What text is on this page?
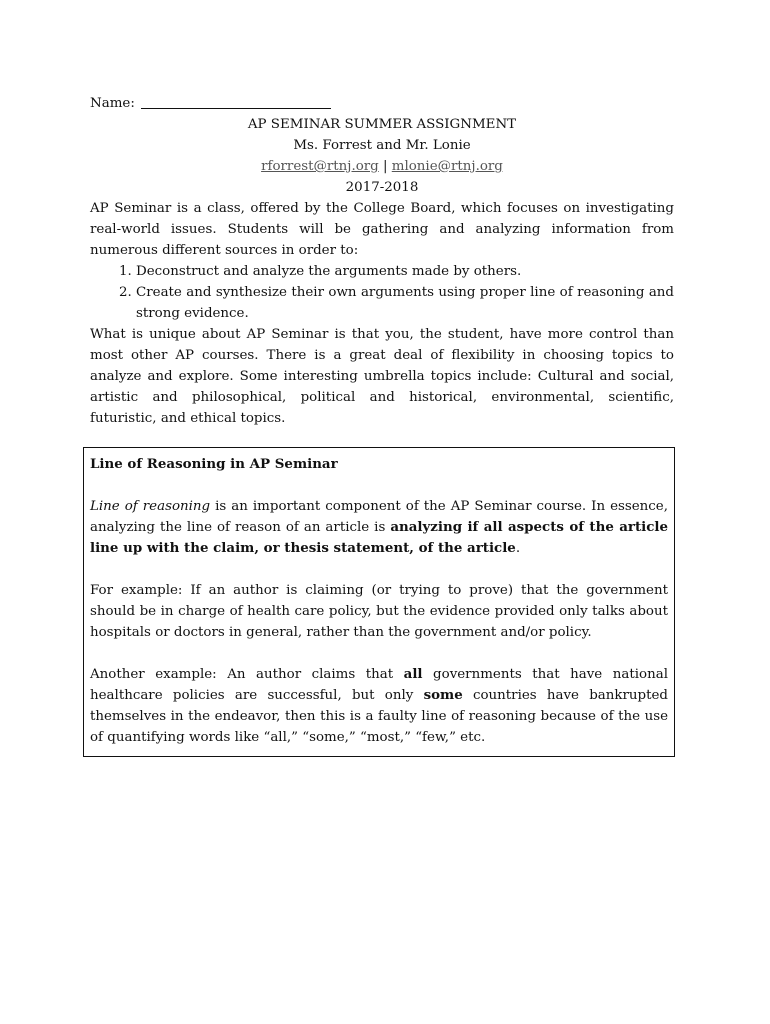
Name:

AP SEMINAR SUMMER ASSIGNMENT

Ms. Forrest and Mr. Lonie

rforrest@rtnj.org | mlonie@rtnj.org

2017-2018

AP Seminar is a class, offered by the College Board, which focuses on investigating real-world issues. Students will be gathering and analyzing information from numerous different sources in order to:

1. Deconstruct and analyze the arguments made by others.
2. Create and synthesize their own arguments using proper line of reasoning and strong evidence.

What is unique about AP Seminar is that you, the student, have more control than most other AP courses. There is a great deal of flexibility in choosing topics to analyze and explore. Some interesting umbrella topics include: Cultural and social, artistic and philosophical, political and historical, environmental, scientific, futuristic, and ethical topics.

Line of Reasoning in AP Seminar

Line of reasoning is an important component of the AP Seminar course. In essence, analyzing the line of reason of an article is analyzing if all aspects of the article line up with the claim, or thesis statement, of the article.

For example: If an author is claiming (or trying to prove) that the government should be in charge of health care policy, but the evidence provided only talks about hospitals or doctors in general, rather than the government and/or policy.

Another example: An author claims that all governments that have national healthcare policies are successful, but only some countries have bankrupted themselves in the endeavor, then this is a faulty line of reasoning because of the use of quantifying words like “all,” “some,” “most,” “few,” etc.
